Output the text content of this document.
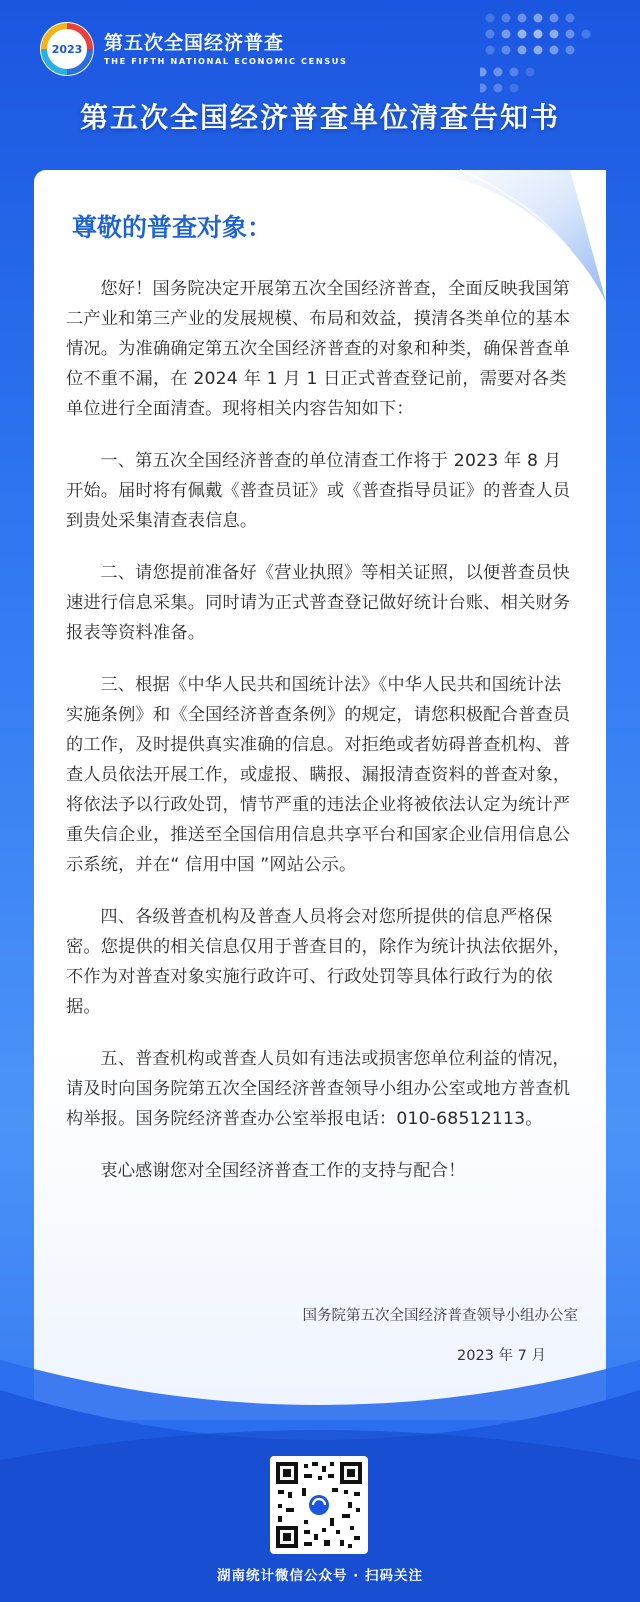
2023 第五次全国经济普查
THE FIFTH NATIONAL ECONOMIC CENSUS
第五次全国经济普查单位清查告知书
尊敬的普查对象：

您好！国务院决定开展第五次全国经济普查，全面反映我国第二产业和第三产业的发展规模、布局和效益，摸清各类单位的基本情况。为准确确定第五次全国经济普查的对象和种类，确保普查单位不重不漏，在 2024 年 1 月 1 日正式普查登记前，需要对各类单位进行全面清查。现将相关内容告知如下：

一、第五次全国经济普查的单位清查工作将于 2023 年 8 月开始。届时将有佩戴《普查员证》或《普查指导员证》的普查人员到贵处采集清查表信息。

二、请您提前准备好《营业执照》等相关证照，以便普查员快速进行信息采集。同时请为正式普查登记做好统计台账、相关财务报表等资料准备。

三、根据《中华人民共和国统计法》《中华人民共和国统计法实施条例》和《全国经济普查条例》的规定，请您积极配合普查员的工作，及时提供真实准确的信息。对拒绝或者妨碍普查机构、普查人员依法开展工作，或虚报、瞒报、漏报清查资料的普查对象，将依法予以行政处罚，情节严重的违法企业将被依法认定为统计严重失信企业，推送至全国信用信息共享平台和国家企业信用信息公示系统，并在“ 信用中国 ”网站公示。

四、各级普查机构及普查人员将会对您所提供的信息严格保密。您提供的相关信息仅用于普查目的，除作为统计执法依据外，不作为对普查对象实施行政许可、行政处罚等具体行政行为的依据。

五、普查机构或普查人员如有违法或损害您单位利益的情况，请及时向国务院第五次全国经济普查领导小组办公室或地方普查机构举报。国务院经济普查办公室举报电话：010-68512113。

衷心感谢您对全国经济普查工作的支持与配合！

国务院第五次全国经济普查领导小组办公室
2023 年 7 月
湖南统计微信公众号 · 扫码关注
